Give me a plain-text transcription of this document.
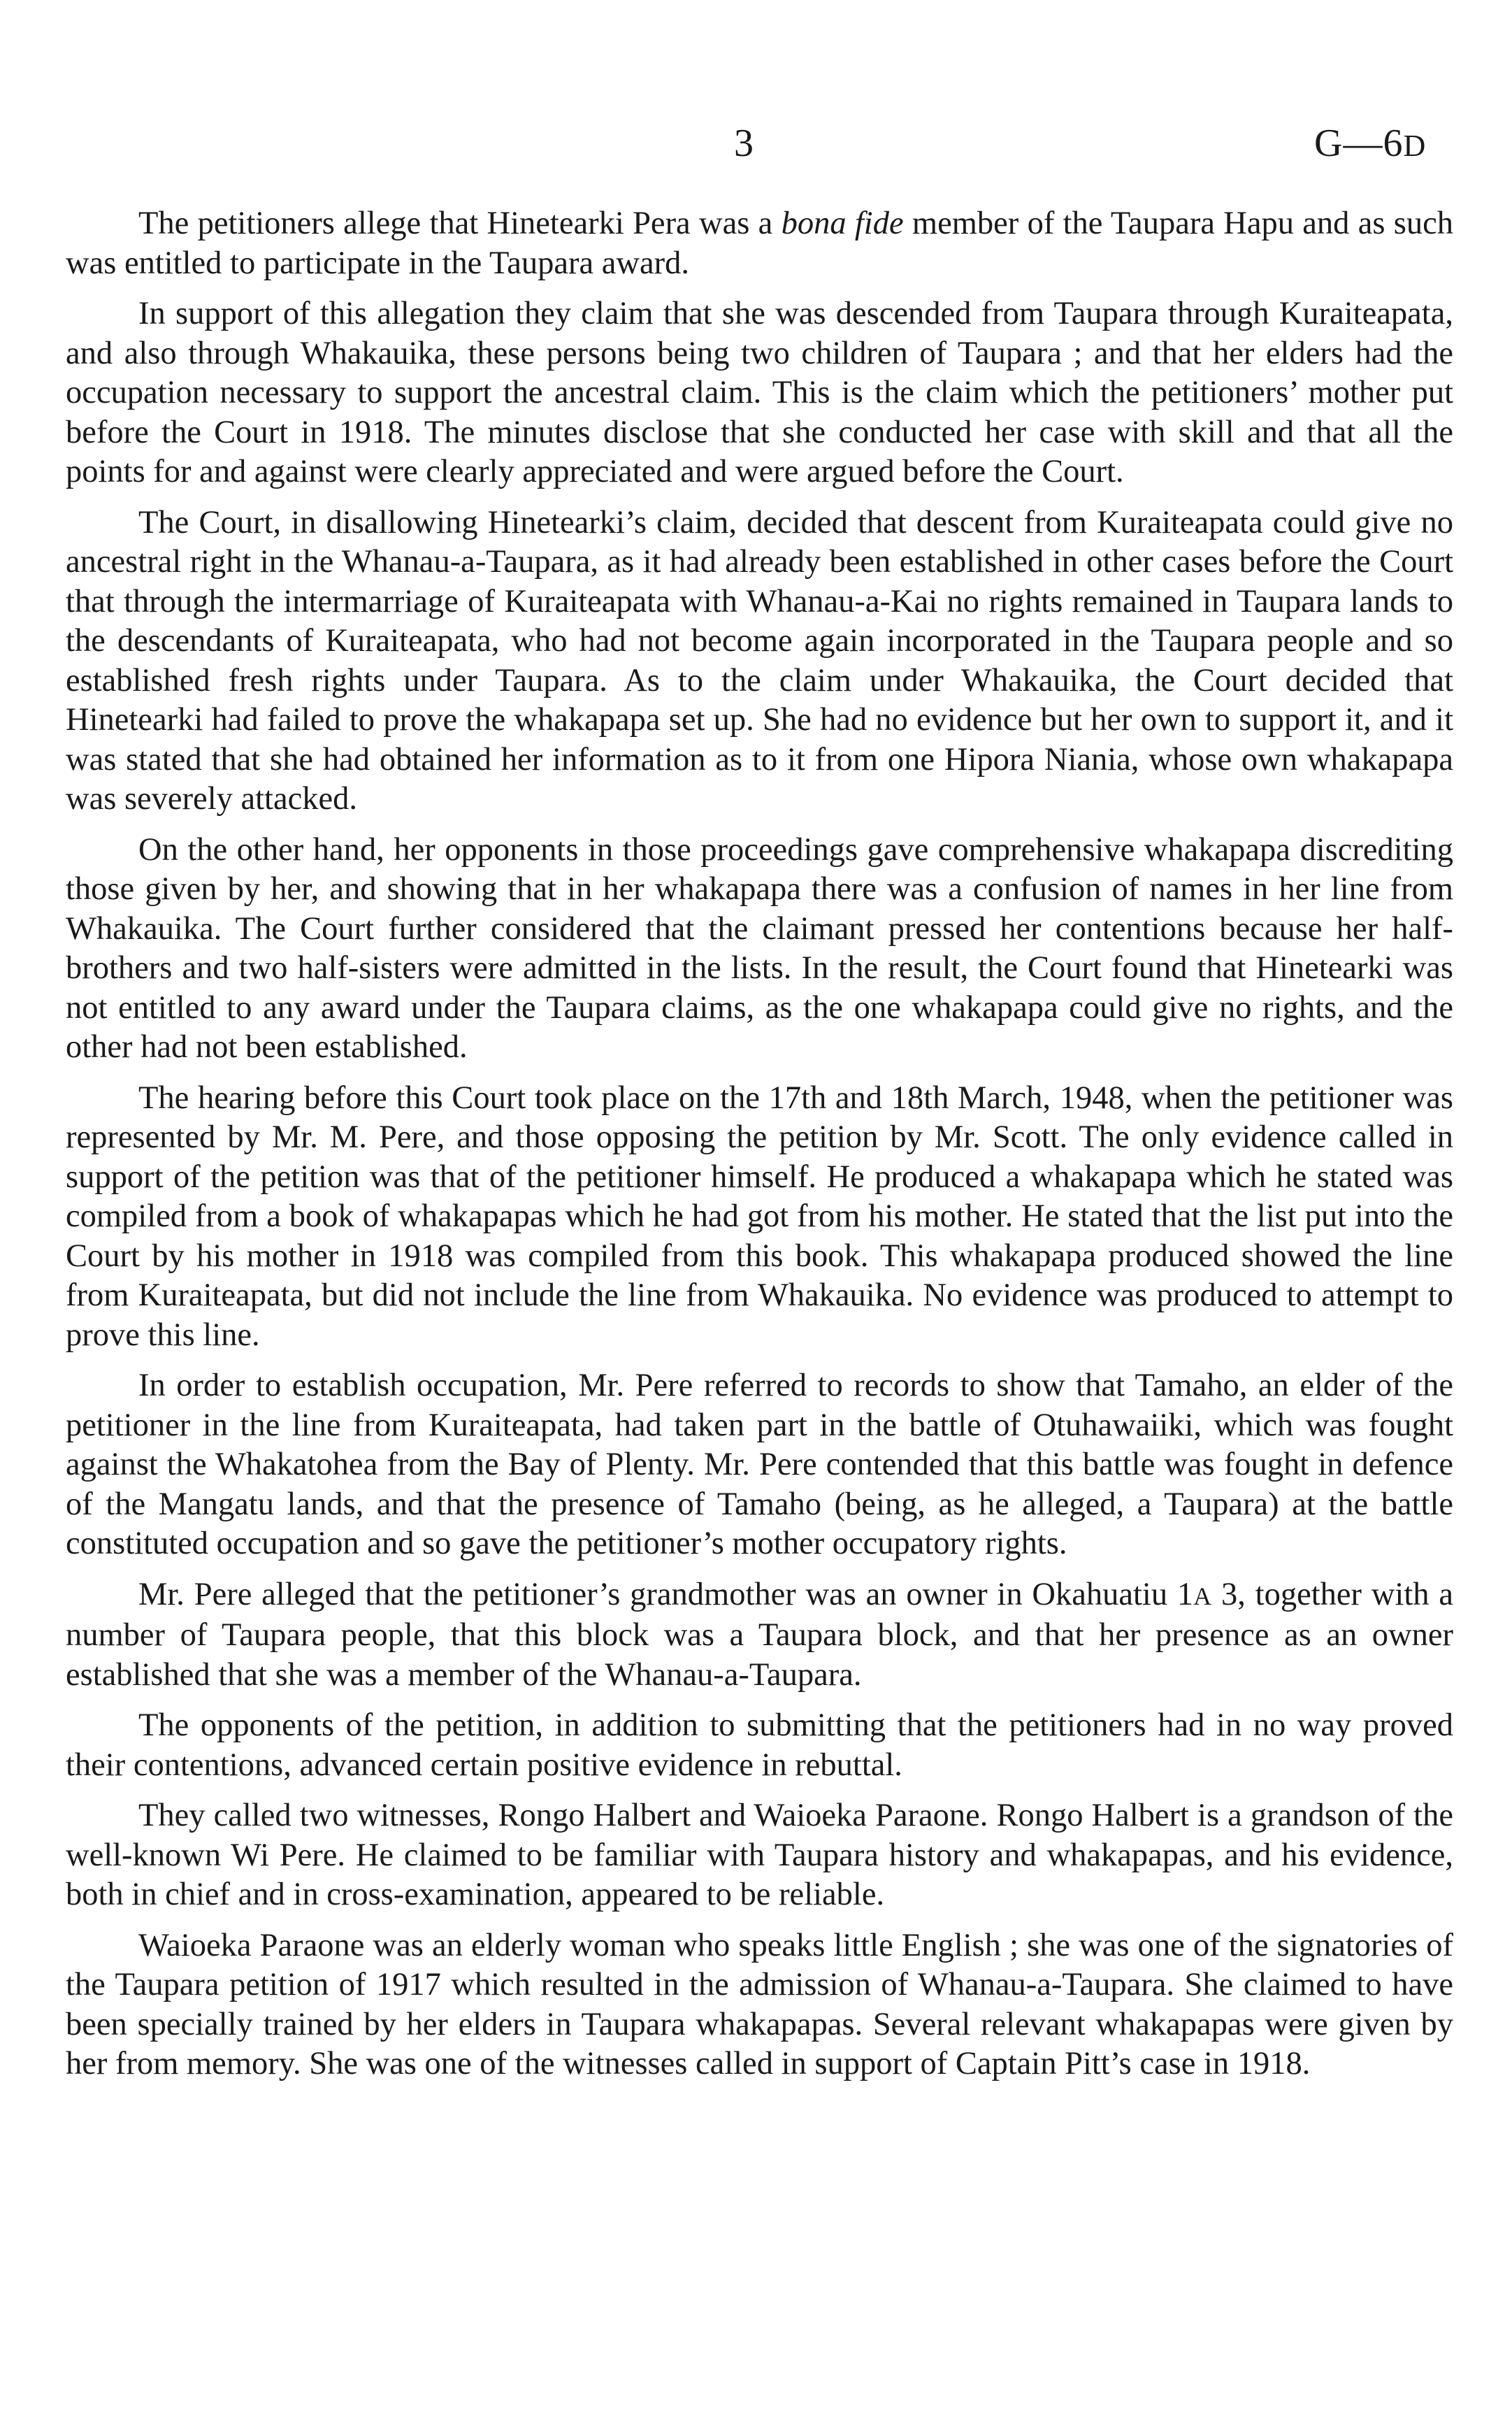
3	G—6D

The petitioners allege that Hinetearki Pera was a bona fide member of the Taupara Hapu and as such was entitled to participate in the Taupara award.

In support of this allegation they claim that she was descended from Taupara through Kuraiteapata, and also through Whakauika, these persons being two children of Taupara ; and that her elders had the occupation necessary to support the ancestral claim. This is the claim which the petitioners’ mother put before the Court in 1918. The minutes disclose that she conducted her case with skill and that all the points for and against were clearly appreciated and were argued before the Court.

The Court, in disallowing Hinetearki’s claim, decided that descent from Kuraiteapata could give no ancestral right in the Whanau-a-Taupara, as it had already been established in other cases before the Court that through the intermarriage of Kuraiteapata with Whanau-a-Kai no rights remained in Taupara lands to the descendants of Kuraiteapata, who had not become again incorporated in the Taupara people and so established fresh rights under Taupara. As to the claim under Whakauika, the Court decided that Hinetearki had failed to prove the whakapapa set up. She had no evidence but her own to support it, and it was stated that she had obtained her information as to it from one Hipora Niania, whose own whakapapa was severely attacked.

On the other hand, her opponents in those proceedings gave comprehensive whakapapa discrediting those given by her, and showing that in her whakapapa there was a confusion of names in her line from Whakauika. The Court further considered that the claimant pressed her contentions because her half-brothers and two half-sisters were admitted in the lists. In the result, the Court found that Hinetearki was not entitled to any award under the Taupara claims, as the one whakapapa could give no rights, and the other had not been established.

The hearing before this Court took place on the 17th and 18th March, 1948, when the petitioner was represented by Mr. M. Pere, and those opposing the petition by Mr. Scott. The only evidence called in support of the petition was that of the petitioner himself. He produced a whakapapa which he stated was compiled from a book of whakapapas which he had got from his mother. He stated that the list put into the Court by his mother in 1918 was compiled from this book. This whakapapa produced showed the line from Kuraiteapata, but did not include the line from Whakauika. No evidence was produced to attempt to prove this line.

In order to establish occupation, Mr. Pere referred to records to show that Tamaho, an elder of the petitioner in the line from Kuraiteapata, had taken part in the battle of Otuhawaiiki, which was fought against the Whakatohea from the Bay of Plenty. Mr. Pere contended that this battle was fought in defence of the Mangatu lands, and that the presence of Tamaho (being, as he alleged, a Taupara) at the battle constituted occupation and so gave the petitioner’s mother occupatory rights.

Mr. Pere alleged that the petitioner’s grandmother was an owner in Okahuatiu 1A 3, together with a number of Taupara people, that this block was a Taupara block, and that her presence as an owner established that she was a member of the Whanau-a-Taupara.

The opponents of the petition, in addition to submitting that the petitioners had in no way proved their contentions, advanced certain positive evidence in rebuttal.

They called two witnesses, Rongo Halbert and Waioeka Paraone. Rongo Halbert is a grandson of the well-known Wi Pere. He claimed to be familiar with Taupara history and whakapapas, and his evidence, both in chief and in cross-examination, appeared to be reliable.

Waioeka Paraone was an elderly woman who speaks little English ; she was one of the signatories of the Taupara petition of 1917 which resulted in the admission of Whanau-a-Taupara. She claimed to have been specially trained by her elders in Taupara whakapapas. Several relevant whakapapas were given by her from memory. She was one of the witnesses called in support of Captain Pitt’s case in 1918.
